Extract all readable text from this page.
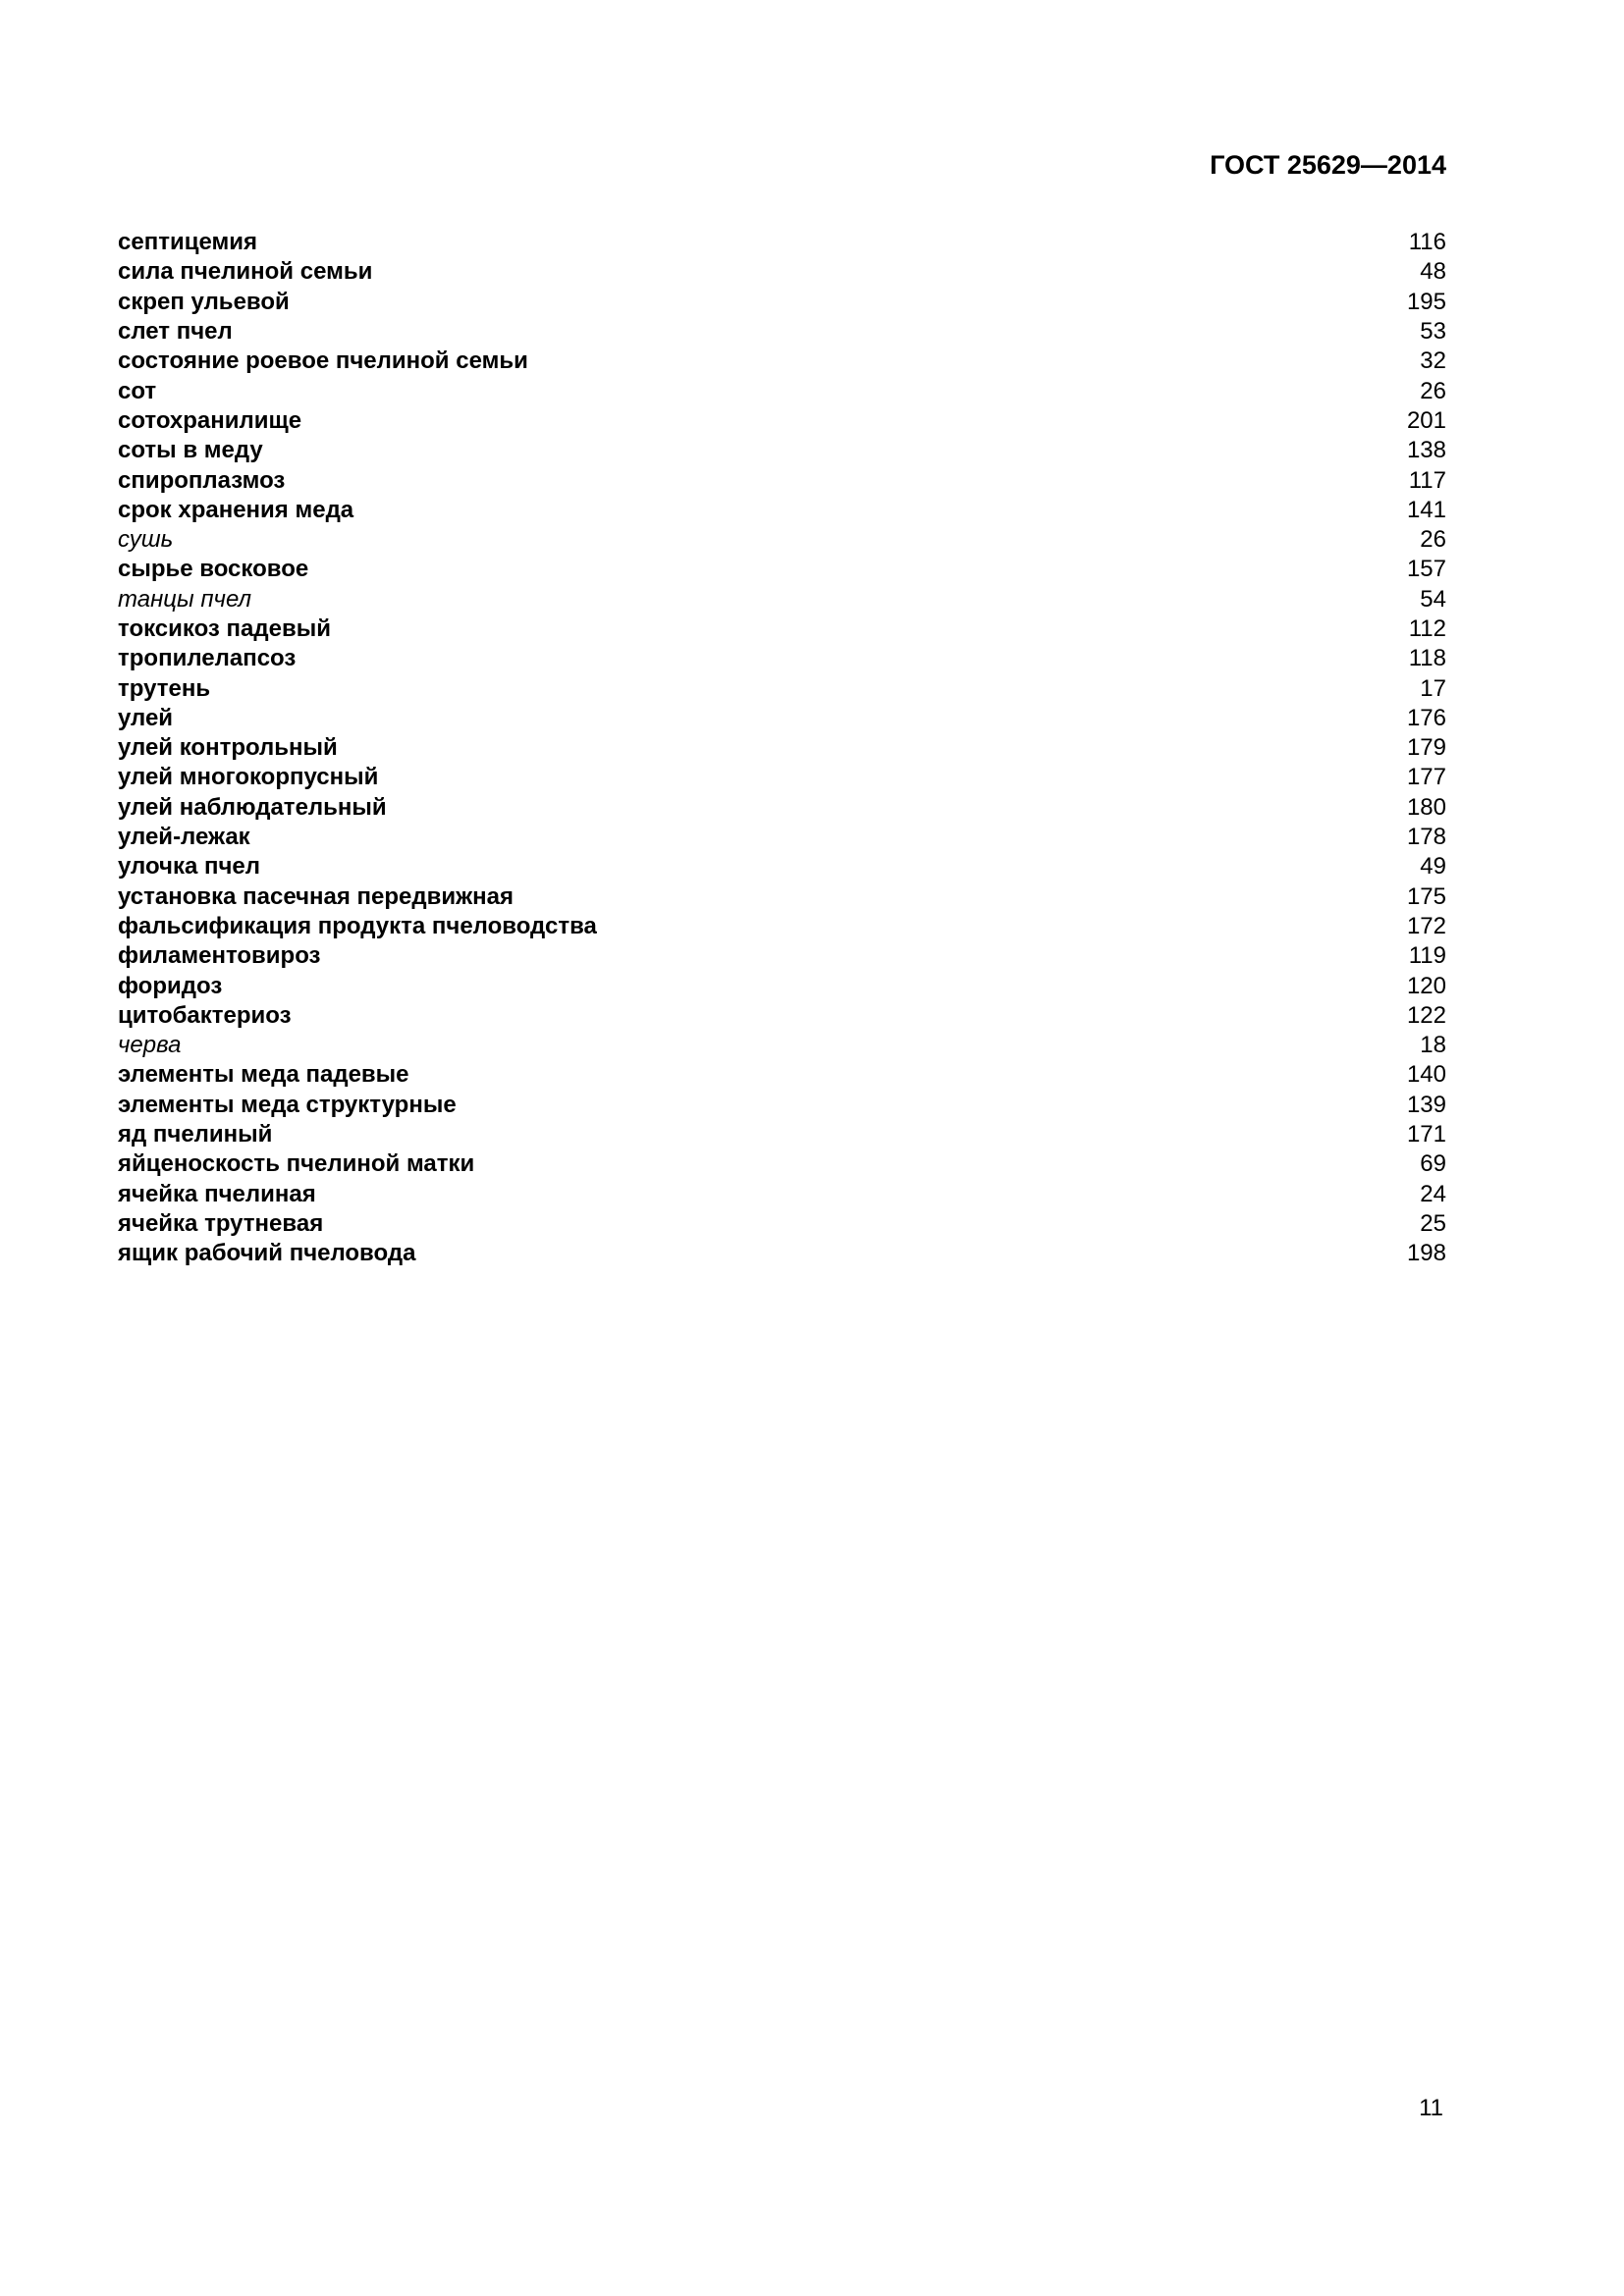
ГОСТ 25629—2014
септицемия	116
сила пчелиной семьи	48
скреп ульевой	195
слет пчел	53
состояние роевое пчелиной семьи	32
сот	26
сотохранилище	201
соты в меду	138
спироплазмоз	117
срок хранения меда	141
сушь	26
сырье восковое	157
танцы пчел	54
токсикоз падевый	112
тропилелапсоз	118
трутень	17
улей	176
улей контрольный	179
улей многокорпусный	177
улей наблюдательный	180
улей-лежак	178
улочка пчел	49
установка пасечная передвижная	175
фальсификация продукта пчеловодства	172
филаментовироз	119
форидоз	120
цитобактериоз	122
черва	18
элементы меда падевые	140
элементы меда структурные	139
яд пчелиный	171
яйценоскость пчелиной матки	69
ячейка пчелиная	24
ячейка трутневая	25
ящик рабочий пчеловода	198
11
